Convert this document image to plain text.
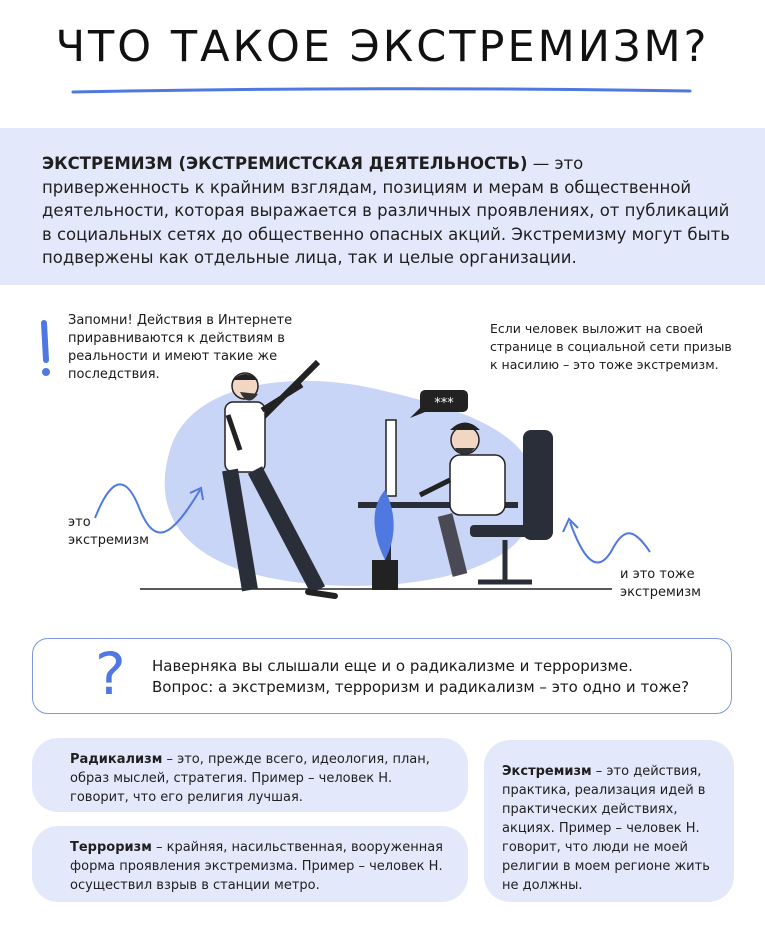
ЧТО ТАКОЕ ЭКСТРЕМИЗМ?
ЭКСТРЕМИЗМ (ЭКСТРЕМИСТСКАЯ ДЕЯТЕЛЬНОСТЬ) — это приверженность к крайним взглядам, позициям и мерам в общественной деятельности, которая выражается в различных проявлениях, от публикаций в социальных сетях до общественно опасных акций. Экстремизму могут быть подвержены как отдельные лица, так и целые организации.
***
Запомни! Действия в Интернете приравниваются к действиям в реальности и имеют такие же последствия.
Если человек выложит на своей странице в социальной сети призыв к насилию – это тоже экстремизм.
это экстремизм
и это тоже экстремизм
? Наверняка вы слышали еще и о радикализме и терроризме.
Вопрос: а экстремизм, терроризм и радикализм – это одно и тоже?
Радикализм – это, прежде всего, идеология, план, образ мыслей, стратегия. Пример – человек Н. говорит, что его религия лучшая.
Терроризм – крайняя, насильственная, вооруженная форма проявления экстремизма. Пример – человек Н. осуществил взрыв в станции метро.
Экстремизм – это действия, практика, реализация идей в практических действиях, акциях. Пример – человек Н. говорит, что люди не моей религии в моем регионе жить не должны.
